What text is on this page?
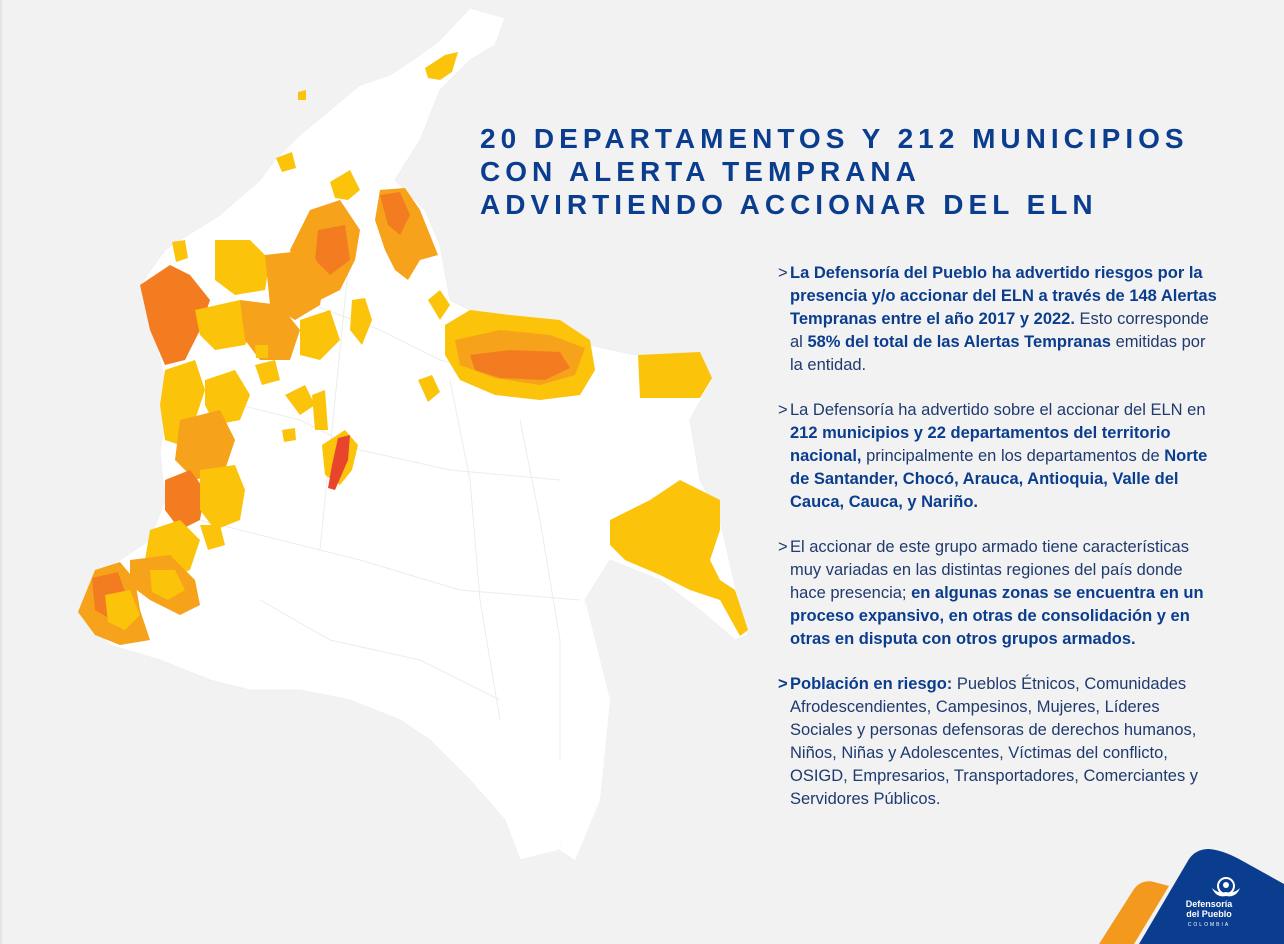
20 DEPARTAMENTOS Y 212 MUNICIPIOS
CON ALERTA TEMPRANA
ADVIRTIENDO ACCIONAR DEL ELN

> La Defensoría del Pueblo ha advertido riesgos por la presencia y/o accionar del ELN a través de 148 Alertas Tempranas entre el año 2017 y 2022. Esto corresponde al 58% del total de las Alertas Tempranas emitidas por la entidad.

> La Defensoría ha advertido sobre el accionar del ELN en 212 municipios y 22 departamentos del territorio nacional, principalmente en los departamentos de Norte de Santander, Chocó, Arauca, Antioquia, Valle del Cauca, Cauca, y Nariño.

> El accionar de este grupo armado tiene características muy variadas en las distintas regiones del país donde hace presencia; en algunas zonas se encuentra en un proceso expansivo, en otras de consolidación y en otras en disputa con otros grupos armados.

> Población en riesgo: Pueblos Étnicos, Comunidades Afrodescendientes, Campesinos, Mujeres, Líderes Sociales y personas defensoras de derechos humanos, Niños, Niñas y Adolescentes, Víctimas del conflicto, OSIGD, Empresarios, Transportadores, Comerciantes y Servidores Públicos.

Defensoría
del Pueblo
COLOMBIA
